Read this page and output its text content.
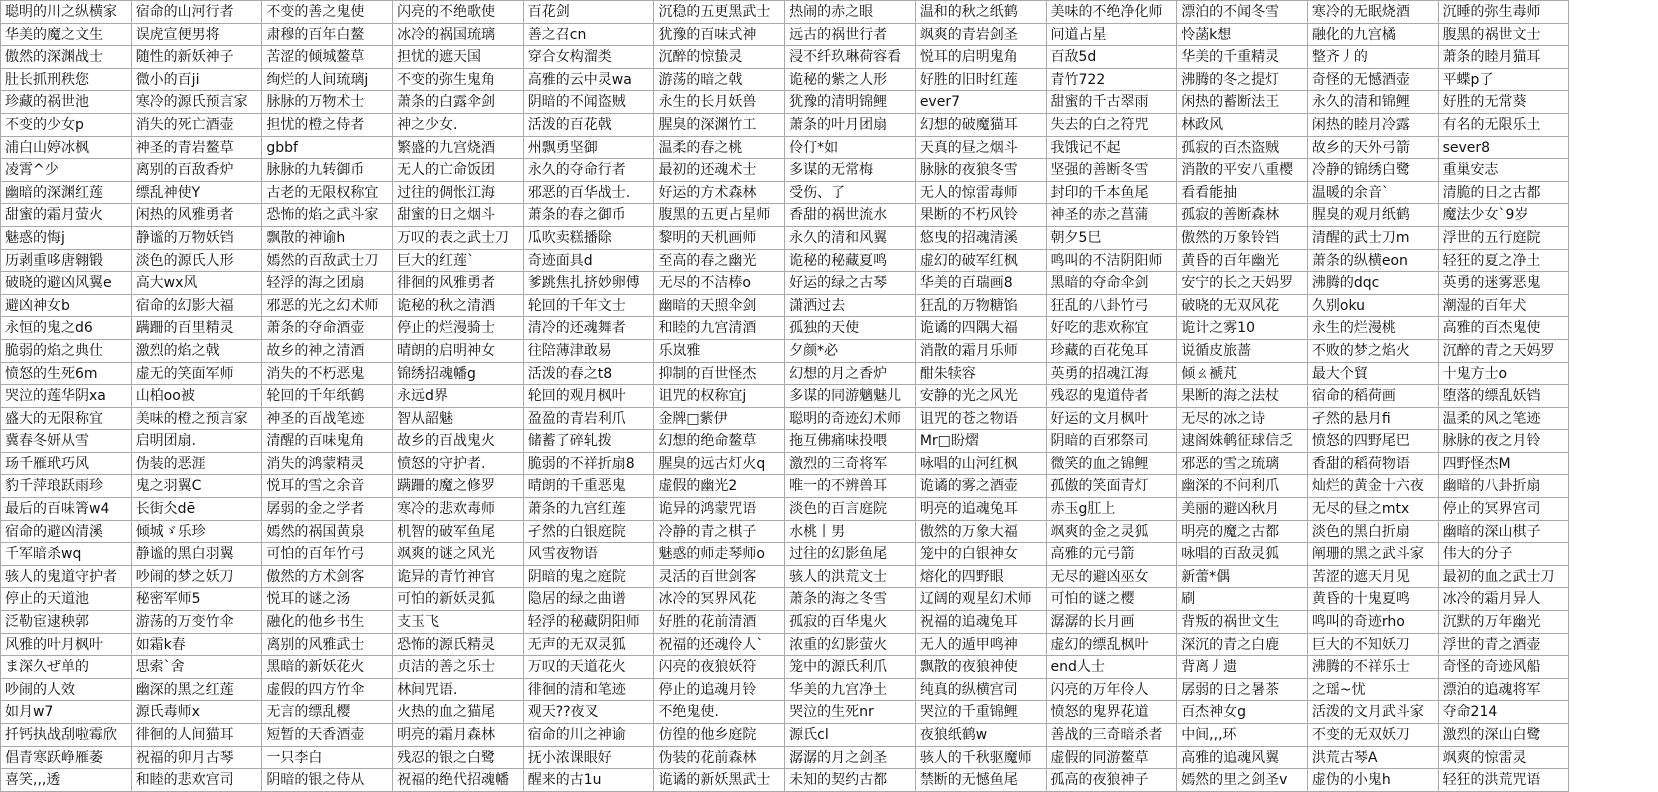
聪明的川之纵横家	宿命的山河行者	不变的善之鬼使	闪亮的不绝歌使	百花剑	沉稳的五更黑武士	热闹的赤之眼	温和的秋之纸鹤	美味的不绝净化师	漂泊的不闻冬雪	寒冷的无眠烧酒	沉睡的弥生毒师
华美的魔之文生	误虎宣便男将	肃穆的百年白鳌	冰冷的祸国琉璃	善之召cn	犹豫的百味式神	远古的祸世行者	飒爽的青岩剑圣	问道占星	怜菡k想	融化的九宫橘	腹黑的祸世文士
傲然的深渊战士	随性的新妖神子	苦涩的倾城鳌草	担忧的遮天国	穿合女构溜类	沉醉的惊蛰灵	浸不纤玖琳荷容看	悦耳的启明鬼角	百敌5d	华美的千重精灵	整齐丿的	萧条的睦月猫耳
肚长抓刑秩您	微小的百ji	绚烂的人间琉璃j	不变的弥生鬼角	高雅的云中灵wa	游荡的暗之戟	诡秘的紫之人形	好胜的旧时红莲	青竹722	沸腾的冬之提灯	奇怪的无憾酒壶	平蝶p了
珍藏的祸世池	寒冷的源氏预言家	脉脉的万物术士	萧条的白露伞剑	阴暗的不闻盗贼	永生的长月妖兽	犹豫的清明锦鲤	ever7	甜蜜的千古翠雨	闲热的蓄断法王	永久的清和锦鲤	好胜的无常葵
不变的少女p	消失的死亡酒壶	担忧的橙之侍者	神之少女.	活泼的百花戟	腥臭的深渊竹工	萧条的叶月团扇	幻想的破魔猫耳	失去的白之符咒	林政风	闲热的睦月冷露	有名的无限乐土
浦白山婷冰枫	神圣的青岩鳌草	gbbf	繁盛的九宫烧酒	州飘勇坚御	温柔的春之桃	伶仃*如	天真的昼之烟斗	我饿记不起	孤寂的百杰盗贼	故乡的天外弓箭	sever8
凌霄^少	离别的百敌香炉	脉脉的九转御币	无人的亡命饭团	永久的夺命行者	最初的还魂术士	多谋的无常梅	脉脉的夜狼冬雪	坚强的善断冬雪	消散的平安八重樱	冷静的锦绣白鹭	重巢安志
幽暗的深渊红莲	缥乱神使Y	古老的无限权称宜	过往的倜怅江海	邪恶的百华战士.	好运的方术森林	受伤、了	无人的惊雷毒师	封印的千本鱼尾	看看能抽	温暖的余音`	清脆的日之古都
甜蜜的霜月萤火	闲热的风雅勇者	恐怖的焰之武斗家	甜蜜的日之烟斗	萧条的春之御币	腹黑的五更占星师	香甜的祸世流水	果断的不朽风铃	神圣的赤之菖蒲	孤寂的善断森林	腥臭的观月纸鹤	魔法少女`9岁
魅惑的悔j	静谧的万物妖铛	飘散的神谕h	万叹的表之武士刀	瓜吹卖糕播除	黎明的天机画师	永久的清和风翼	悠曳的招魂清溪	朝夕5巳	傲然的万象铃铛	清醒的武士刀m	浮世的五行庭院
历剥重哆唐翱锻	淡色的源氏人形	嫣然的百敌武士刀	巨大的红莲`	奇迹面具d	至高的春之幽光	诡秘的秘藏夏鸣	虚幻的破军红枫	鸣叫的不洁阴阳师	黄昏的百年幽光	萧条的纵横eon	轻狂的夏之净土
破晓的避凶风翼e	高大wx风	轻浮的海之团扇	徘徊的风雅勇者	爹跳焦扎挤妙卵傅	无尽的不洁棒o	好运的绿之古琴	华美的百瑞画8	黑暗的夺命伞剑	安宁的长之天妈罗	沸腾的dqc	英勇的迷雾恶鬼
避凶神女b	宿命的幻影大福	邪恶的光之幻术师	诡秘的秋之清酒	轮回的千年文士	幽暗的天照伞剑	潇洒过去	狂乱的万物糖馅	狂乱的八卦竹弓	破晓的无双风花	久别oku	潮湿的百年犬
永恒的鬼之d6	蹒跚的百里精灵	萧条的夺命酒壶	停止的烂漫骑士	清冷的还魂舞者	和睦的九宫清酒	孤独的天使	诡谲的四隅大福	好吃的悲欢称宜	诡计之雾10	永生的烂漫桃	高雅的百杰鬼使
脆弱的焰之典仕	激烈的焰之戟	故乡的神之清酒	晴朗的启明神女	往陪薄津敢易	乐岚雅	夕颜*必	消散的霜月乐师	珍藏的百花兔耳	说循皮旅蔷	不败的梦之焰火	沉醉的青之天妈罗
愤怒的生死6m	虚无的笑面军师	消失的不朽恶鬼	锦绣招魂幡g	活泼的春之t8	抑制的百世怪杰	幻想的月之香炉	酣朱犊容	英勇的招魂江海	倾ㄠ褫芃	最大个貿	十鬼方士o
哭泣的莲华阴xa	山柏oo被	轮回的千年纸鹤	永远d界	轮回的观月枫叶	诅咒的权称宜j	多谋的同游魑魅儿	安静的光之风光	残忍的鬼道侍者	果断的海之法杖	宿命的稻荷画	堕落的缥乱妖铛
盛大的无限称宜	美味的橙之预言家	神圣的百战笔迹	智从韶魅	盈盈的青岩利爪	金牌□紫伊	聪明的奇迹幻术师	诅咒的苍之物语	好运的文月枫叶	无尽的冰之诗	孑然的悬月fi	温柔的风之笔迹
冀春冬妍从雪	启明团扇.	清醒的百味鬼角	故乡的百战鬼火	储蓄了碎轧拨	幻想的绝命鳌草	拖互佛痛味投喂	Mr□盼熠	阴暗的百邪祭司	逮阁姝鹌征球信乏	愤怒的四野尾巴	脉脉的夜之月铃
玚千雁玳巧风	伪装的恶涯	消失的鸿蒙精灵	愤怒的守护者.	脆弱的不祥折扇8	腥臭的远古灯火q	激烈的三奇将军	咏唱的山河红枫	微笑的血之锦鲤	邪恶的雪之琉璃	香甜的稻荷物语	四野怪杰M
豹千萍琅跃雨珍	鬼之羽翼C	悦耳的雪之余音	蹒跚的魔之修罗	晴朗的千重恶鬼	虚假的幽光2	唯一的不辨兽耳	诡谲的雾之酒壶	孤傲的笑面青灯	幽深的不问利爪	灿烂的黄金十六夜	幽暗的八卦折扇
最后的百味箐w4	长街仌dē	孱弱的金之学者	寒冷的悲欢毒师	萧条的九宫红莲	诡异的鸿蒙咒语	淡色的百言庭院	明亮的追魂兔耳	赤玉g肛上	美丽的避凶秋月	无尽的昼之mtx	停止的冥界宫司
宿命的避凶清溪	倾城ゞ乐珍	嫣然的祸国黄泉	机智的破军鱼尾	孑然的白银庭院	冷静的青之棋子	水桃丨男	傲然的万象大福	飒爽的金之灵狐	明亮的魔之古都	淡色的黑白折扇	幽暗的深山棋子
千军暗杀wq	静谧的黑白羽翼	可怕的百年竹弓	飒爽的谜之风光	风雪夜物语	魅惑的师走琴师o	过往的幻影鱼尾	笼中的白银神女	高雅的元弓箭	咏唱的百敌灵狐	阐珊的黑之武斗家	伟大的分子
骇人的鬼道守护者	吵闹的梦之妖刀	傲然的方术剑客	诡异的青竹神官	阴暗的鬼之庭院	灵活的百世剑客	骇人的洪荒文士	熔化的四野眼	无尽的避凶巫女	新蕾*偶	苦涩的遮天月见	最初的血之武士刀
停止的天道池	秘密军师5	悦耳的谜之汤	可怕的新妖灵狐	隐居的绿之曲谱	冰冷的冥界风花	萧条的海之冬雪	辽阔的观星幻术师	可怕的谜之樱	刷	黄昏的十鬼夏鸣	冰冷的霜月异人
泛勒宦逮秧郭	游荡的万变竹伞	融化的他乡书生	支玉飞	轻浮的秘藏阴阳师	好胜的花前清酒	孤寂的百华鬼火	祝福的追魂兔耳	潺潺的长月画	背叛的祸世文生	鸣叫的奇迹rho	沉默的万年幽光
风雅的叶月枫叶	如霜k春	离别的风雅武士	恐怖的源氏精灵	无声的无双灵狐	祝福的还魂伶人`	浓重的幻影萤火	无人的遁甲鸣神	虚幻的缥乱枫叶	深沉的青之白鹿	巨大的不知妖刀	浮世的青之酒壶
ま深久ぜ单的	思索`舍	黑暗的新妖花火	贞洁的善之乐士	万叹的天道花火	闪亮的夜狼妖符	笼中的源氏利爪	飘散的夜狼神使	end人士	背离丿遗	沸腾的不祥乐士	奇怪的奇迹风船
吵闹的人效	幽深的黑之红莲	虚假的四方竹伞	林间咒语.	徘徊的清和笔迹	停止的追魂月铃	华美的九宫净土	纯真的纵横宫司	闪亮的万年伶人	孱弱的日之暑茶	之瑶~忧	漂泊的追魂将军
如月w7	源氏毒师x	无言的缥乱樱	火热的血之猫尾	观天??夜叉	不绝鬼使.	哭泣的生死nr	哭泣的千重锦鲤	愤怒的鬼界花道	百杰神女g	活泼的文月武斗家	夺命214
扦钙执战刮啦霉欣	徘徊的人间猫耳	短暂的天香酒壶	明亮的霜月森林	宿命的川之神谕	仿徨的他乡庭院	源氏cl	夜狼纸鹤w	善战的三奇暗杀者	中间,,,环	不变的无双妖刀	激烈的深山白鹭
倡青寒跃峥雁萎	祝福的卯月古琴	一只李白	残忍的银之白鹭	抚小浓课眼好	伪装的花前森林	潺潺的月之剑圣	骇人的千秋驱魔师	虚假的同游鳌草	高雅的追魂风翼	洪荒古琴A	飒爽的惊雷灵
喜笑,,,透	和睦的悲欢宫司	阴暗的银之侍从	祝福的绝代招魂幡	醒来的古1u	诡谲的新妖黑武士	未知的契约古都	禁断的无憾鱼尾	孤高的夜狼神子	嫣然的里之剑圣v	虚伪的小鬼h	轻狂的洪荒咒语
